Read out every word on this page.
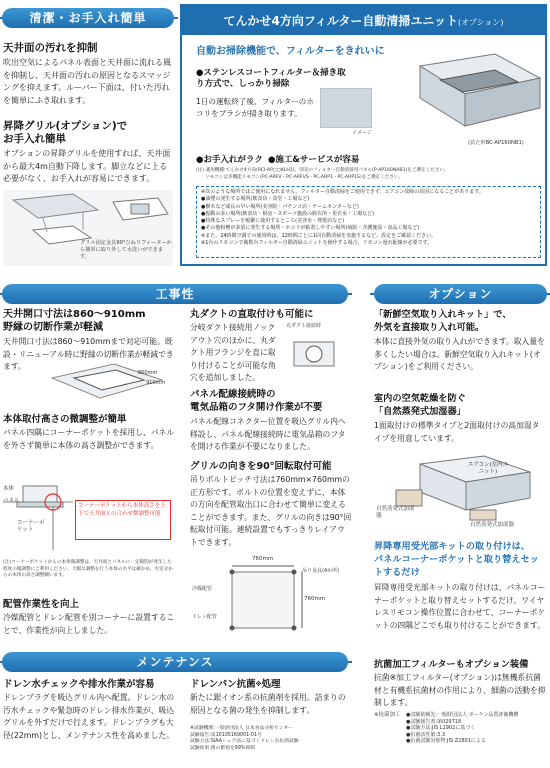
清潔・お手入れ簡単
天井面の汚れを抑制
吹出空気によるパネル表面と天井面に流れる風を抑制し、天井面の汚れの原因となるスマッジングを抑えます。ルーバー下面は、付いた汚れを簡単にふき取れます。
昇降グリル(オプション)で
お手入れ簡単
オプションの昇降グリルを使用すれば、天井面から最大4m自動下降します。脚立などに上る必要がなく、お手入れが容易にできます。
グリル固定金具90°ひねりフィーターから簡単に取り外して水洗いができます。
てんかせ4方向フィルター自動清掃ユニット(オプション)
自動お掃除機能で、フィルターをきれいに
●ステンレスコートフィルター＆掃き取り方式で、しっかり掃除
1日の運転終了後、フィルターのホコリをブラシが掃き取ります。
イメージ
(試た形BC-AP160NB1)
●お手入れがラク ●施工&サービスが容易
(注) 適用機種:てんかせ4方向(RCI-AP○○KLH1)、別売のフィルター自動清掃用パネル(P-AP160NAB1)をご選定ください。
リモコンは多機能リモコン(PC-ARFV・PC-ARFVS・PC-ARP1・PC-ARP1S)をご選定ください。
※次のような場所ではご使用になれません。フィルター自動清掃をご使用できず、エアコン故障の原因になることがあります。
●油煙の発生する場所(飲食店・食堂・工場など)
●樹木など成長の早い場所(美容院・パチンコ店・ゲームセンターなど)
●振動の多い場所(飲食店・厨房・スポーツ施設の脱衣所・更衣室・工場など)
●特殊なスプレーを頻繁に使用するところ(美容室・理髪店など)
●その他粉塵が多量に発生する場所・ホコリが粘着しやすい場所(病院・介護施設・食品工場など)
※また、24時間空調での使用時は、12時間ごとに1回自動清掃を実施するなど、設定をご確認ください。
※1台のリモコンで複数台フィルター自動清掃ユニットを操作する場合、リモコン遅れ配線が必要です。
工事性
天井開口寸法は860～910mm
野縁の切断作業が軽減
天井開口寸法は860～910mmまで対応可能。既設・リニューアル時に野縁の切断作業が軽減できます。
860mm
910mm
本体取付高さの微調整が簡単
パネル四隅にコーナーポケットを採用し、パネルを外さず簡単に本体の高さ調整ができます。
本体
パネル
コーナーポケット
コーナーポケットから本体高さを上下で天井面との合わせ微調整可能
(注)コーナーポケットからの本体微調整は、天井面とパネルに一定隙間が発生した程度の微調整にご利用ください。大幅な調整を行う本体の水平は確かめ、水室分からの本体の高さ調整願います。
配管作業性を向上
冷媒配管とドレン配管を別コーナーに設置することで、作業性が向上しました。
丸ダクトの直取付けも可能に
分岐ダクト接続用ノックアウト穴のほかに、丸ダクト用フランジを直に取り付けることが可能な角穴を追加しました。
丸ダクト接続時
パネル配線接続時の
電気品箱のフタ開け作業が不要
パネル配線コネクター位置を吸込グリル内へ移設し、パネル配線接続時に電気品箱のフタを開ける作業が不要になりました。
グリルの向きを90°回転取付可能
吊りボルトピッチ寸法は760mm×760mmの正方形です。ボルトの位置を変えずに、本体の方向を配管取出口に合わせて簡単に変えることができます。また、グリルの向きは90°回転取付可能。連続設置でもすっきりレイアウトできます。
760mm
760mm
吊り金具(4か所)
冷媒配管
ドレン配管
オプション
「新鮮空気取り入れキット」で、
外気を直接取り入れ可能。
本体に直接外気の取り入れができます。取入量を多くしたい場合は、新鮮空気取り入れキット(オプション)をご利用ください。
室内の空気乾燥を防ぐ
「自然蒸発式加湿器」
1面取付けの標準タイプと2面取付けの高加湿タイプを用意しています。
エアコン(室内ユニット)
自然蒸発式加湿器
自然蒸発式加湿器
昇降専用受光部キットの取り付けは、
パネルコーナーポケットと取り替えセットするだけ
昇降専用受光部キットの取り付けは、パネルコーナーポケットと取り替えセットするだけ。ワイヤレスリモコン操作位置に合わせて、コーナーポケットの四隅どこでも取り付けることができます。
抗菌加工フィルターもオプション装備
抗菌※加工フィルター(オプション)は無機系抗菌材と有機系抗菌材の作用により、細菌の活動を抑制します。
※抗菌加工 ●試験依頼先:一般財団法人 ボーケン品質評価機構
●試験報告書:第029718
●試験方法:JIS L1902に基づく
●抗菌活性値:3.3
●抗菌試験対象物:JIS Z2801による
メンテナンス
ドレン水チェックや排水作業が容易
ドレンプラグを吸込グリル内へ配置。ドレン水の汚水チェックや緊急時のドレン排水作業が、吸込グリルを外すだけで行えます。ドレンプラグも大径(22mm)とし、メンテナンス性を高めました。
ドレンパン抗菌※処理
新たに銀イオン系の抗菌剤を採用。詰まりの原因となる菌の発生を抑制します。
※試験機関:一般財団法人 日本食品分析センター
試験報告:第10105169001-01号
試験方法:SIAAシェア法に基づくドレン水抗菌試験
試験結果:菌の繁殖を99%抑制
